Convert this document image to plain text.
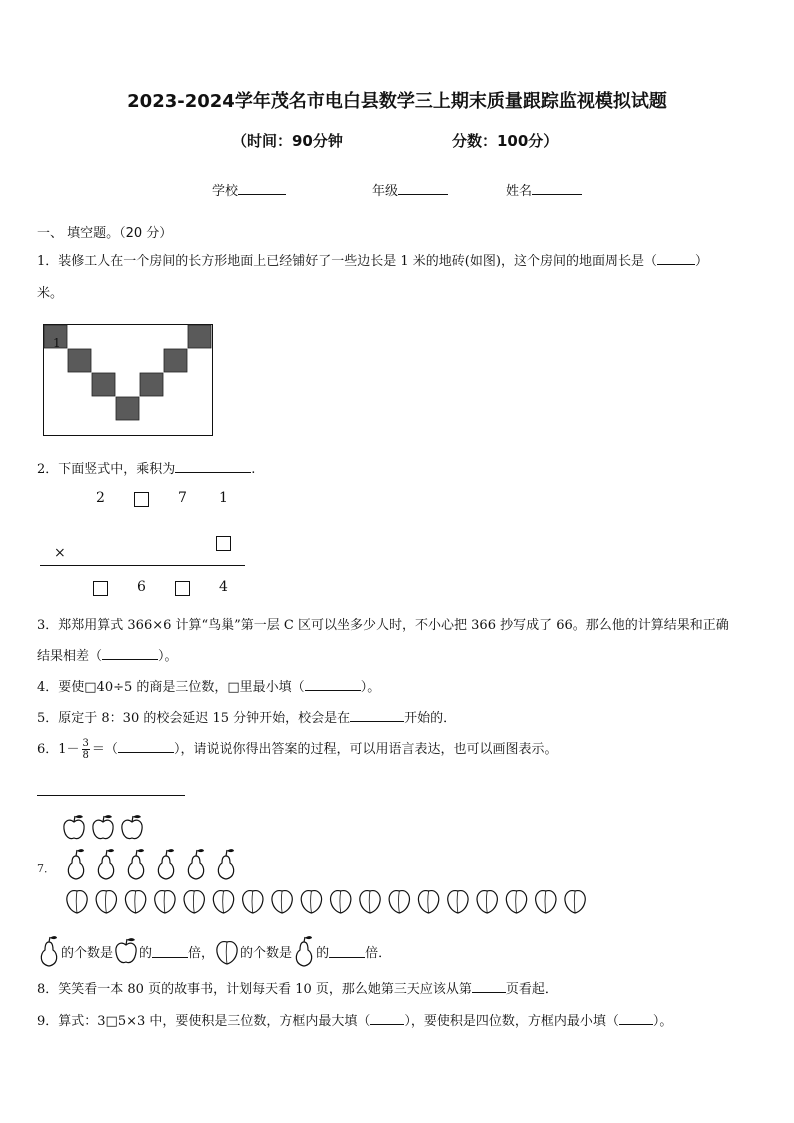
2023-2024学年茂名市电白县数学三上期末质量跟踪监视模拟试题
（时间：90分钟	分数：100分）
学校	年级	姓名
一、 填空题。（20 分）
1．装修工人在一个房间的长方形地面上已经铺好了一些边长是 1 米的地砖(如图)，这个房间的地面周长是（	）
米。
1
2．下面竖式中，乘积为	.
2	7 1
×
6	4
3．郑郑用算式 366×6 计算“鸟巢”第一层 C 区可以坐多少人时，不小心把 366 抄写成了 66。那么他的计算结果和正确
结果相差（	）。
4．要使□40÷5 的商是三位数，□里最小填（	）。
5．原定于 8：30 的校会延迟 15 分钟开始，校会是在	开始的．
6．$1- \frac{3}{8}$ ＝（	），请说说你得出答案的过程，可以用语言表达，也可以画图表示。
7．
的个数是 的	倍， 的个数是 的	倍．
8．笑笑看一本 80 页的故事书，计划每天看 10 页，那么她第三天应该从第	页看起．
9．算式：3□5×3 中，要使积是三位数，方框内最大填（	），要使积是四位数，方框内最小填（	）。
